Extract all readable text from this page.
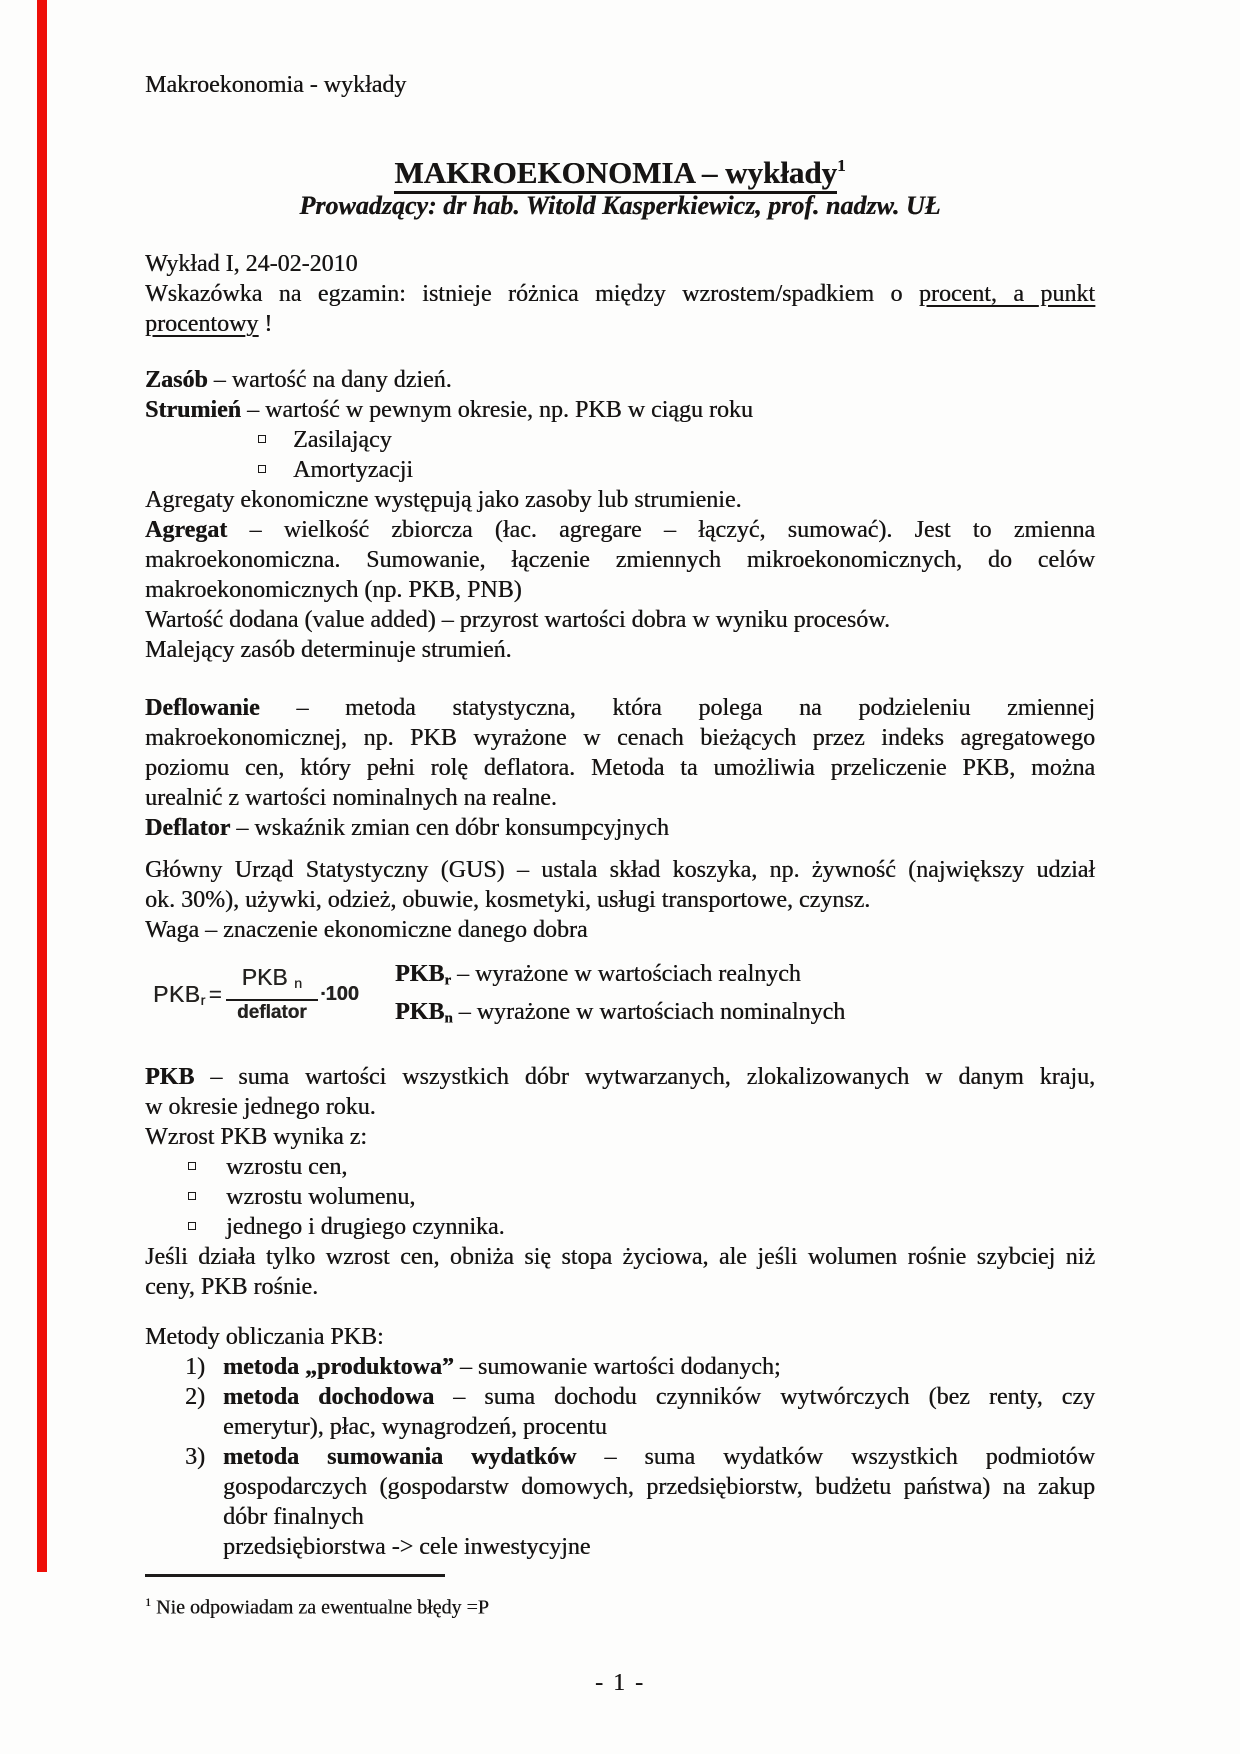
Makroekonomia - wykłady
MAKROEKONOMIA – wykłady$^1$
Prowadzący: dr hab. Witold Kasperkiewicz, prof. nadzw. UŁ
Wykład I, 24-02-2010
Wskazówka na egzamin: istnieje różnica między wzrostem/spadkiem o procent, a punkt
procentowy !
Zasób – wartość na dany dzień.
Strumień – wartość w pewnym okresie, np. PKB w ciągu roku
Zasilający
Amortyzacji
Agregaty ekonomiczne występują jako zasoby lub strumienie.
Agregat – wielkość zbiorcza (łac. agregare – łączyć, sumować). Jest to zmienna
makroekonomiczna. Sumowanie, łączenie zmiennych mikroekonomicznych, do celów
makroekonomicznych (np. PKB, PNB)
Wartość dodana (value added) – przyrost wartości dobra w wyniku procesów.
Malejący zasób determinuje strumień.
Deflowanie – metoda statystyczna, która polega na podzieleniu zmiennej
makroekonomicznej, np. PKB wyrażone w cenach bieżących przez indeks agregatowego
poziomu cen, który pełni rolę deflatora. Metoda ta umożliwia przeliczenie PKB, można
urealnić z wartości nominalnych na realne.
Deflator – wskaźnik zmian cen dóbr konsumpcyjnych
Główny Urząd Statystyczny (GUS) – ustala skład koszyka, np. żywność (największy udział
ok. 30%), używki, odzież, obuwie, kosmetyki, usługi transportowe, czynsz.
Waga – znaczenie ekonomiczne danego dobra
PKBr = $\frac{\text{PKB n}}{\text{deflator}} \cdot 100$
PKBr – wyrażone w wartościach realnych
PKBn – wyrażone w wartościach nominalnych
PKB – suma wartości wszystkich dóbr wytwarzanych, zlokalizowanych w danym kraju,
w okresie jednego roku.
Wzrost PKB wynika z:
wzrostu cen,
wzrostu wolumenu,
jednego i drugiego czynnika.
Jeśli działa tylko wzrost cen, obniża się stopa życiowa, ale jeśli wolumen rośnie szybciej niż
ceny, PKB rośnie.
Metody obliczania PKB:
1) metoda „produktowa” – sumowanie wartości dodanych;
2) metoda dochodowa – suma dochodu czynników wytwórczych (bez renty, czy
emerytur), płac, wynagrodzeń, procentu
3) metoda sumowania wydatków – suma wydatków wszystkich podmiotów
gospodarczych (gospodarstw domowych, przedsiębiorstw, budżetu państwa) na zakup
dóbr finalnych
przedsiębiorstwa -> cele inwestycyjne
$^1$ Nie odpowiadam za ewentualne błędy =P
- 1 -
